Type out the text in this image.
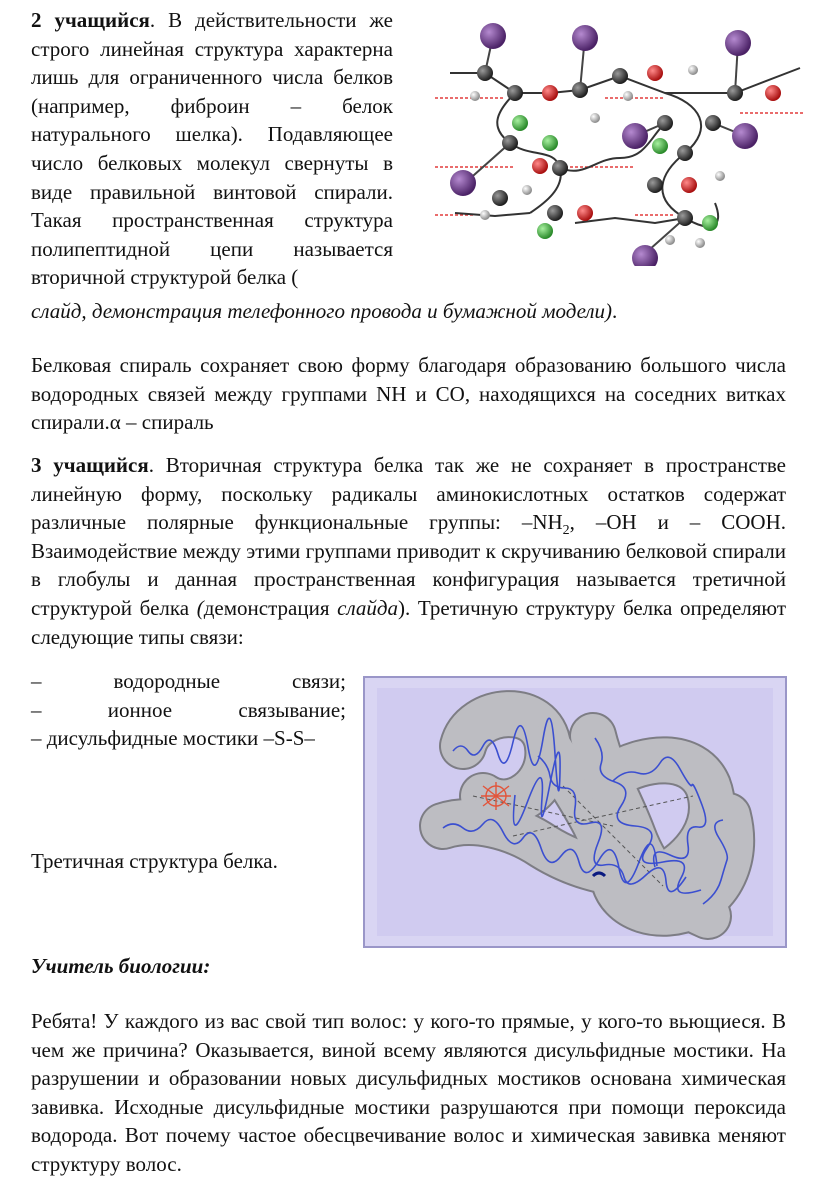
2 учащийся. В действительности же строго линейная структура характерна лишь для ограниченного числа белков (например, фиброин – белок натурального шелка). Подавляющее число белковых молекул свернуты в виде правильной винтовой спирали. Такая пространственная структура полипептидной цепи называется вторичной структурой белка (

слайд, демонстрация телефонного провода и бумажной модели).

Белковая спираль сохраняет свою форму благодаря образованию большого числа водородных связей между группами NH и CO, находящихся на соседних витках спирали.α – спираль

3 учащийся. Вторичная структура белка так же не сохраняет в пространстве линейную форму, поскольку радикалы аминокислотных остатков содержат различные полярные функциональные группы: $-NH_2$, –OH и – COOH. Взаимодействие между этими группами приводит к скручиванию белковой спирали в глобулы и данная пространственная конфигурация называется третичной структурой белка (демонстрация слайда). Третичную структуру белка определяют следующие типы связи:

– водородные связи;

– ионное связывание;

– дисульфидные мостики –S-S–

Третичная структура белка.

Учитель биологии:

Ребята! У каждого из вас свой тип волос: у кого-то прямые, у кого-то вьющиеся. В чем же причина? Оказывается, виной всему являются дисульфидные мостики. На разрушении и образовании новых дисульфидных мостиков основана химическая завивка. Исходные дисульфидные мостики разрушаются при помощи пероксида водорода. Вот почему частое обесцвечивание волос и химическая завивка меняют структуру волос.
